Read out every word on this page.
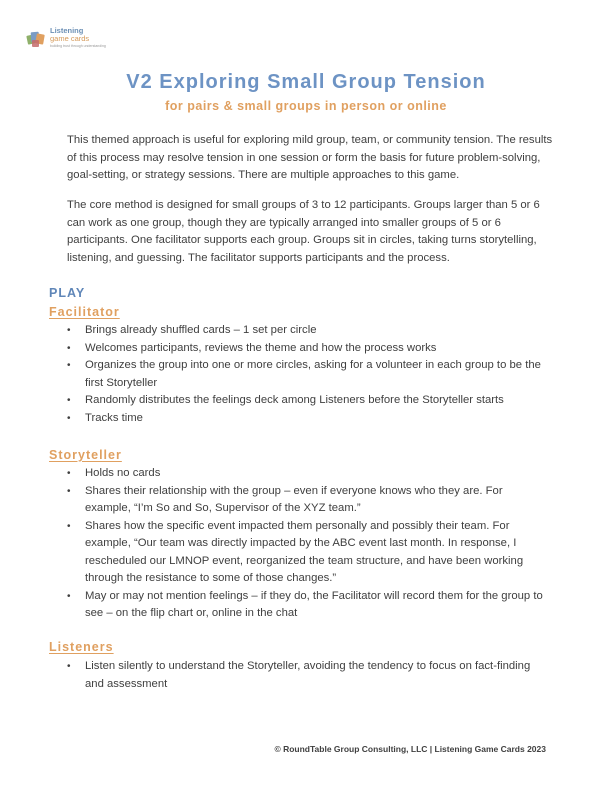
Listening
game cards
building trust through understanding
V2 Exploring Small Group Tension
for pairs & small groups in person or online
This themed approach is useful for exploring mild group, team, or community tension. The results of this process may resolve tension in one session or form the basis for future problem-solving, goal-setting, or strategy sessions. There are multiple approaches to this game.
The core method is designed for small groups of 3 to 12 participants. Groups larger than 5 or 6 can work as one group, though they are typically arranged into smaller groups of 5 or 6 participants. One facilitator supports each group. Groups sit in circles, taking turns storytelling, listening, and guessing. The facilitator supports participants and the process.
PLAY
Facilitator
• Brings already shuffled cards – 1 set per circle
• Welcomes participants, reviews the theme and how the process works
• Organizes the group into one or more circles, asking for a volunteer in each group to be the first Storyteller
• Randomly distributes the feelings deck among Listeners before the Storyteller starts
• Tracks time
Storyteller
• Holds no cards
• Shares their relationship with the group – even if everyone knows who they are. For example, “I’m So and So, Supervisor of the XYZ team.”
• Shares how the specific event impacted them personally and possibly their team. For example, “Our team was directly impacted by the ABC event last month. In response, I rescheduled our LMNOP event, reorganized the team structure, and have been working through the resistance to some of those changes.”
• May or may not mention feelings – if they do, the Facilitator will record them for the group to see – on the flip chart or, online in the chat
Listeners
• Listen silently to understand the Storyteller, avoiding the tendency to focus on fact-finding and assessment
© RoundTable Group Consulting, LLC | Listening Game Cards 2023
